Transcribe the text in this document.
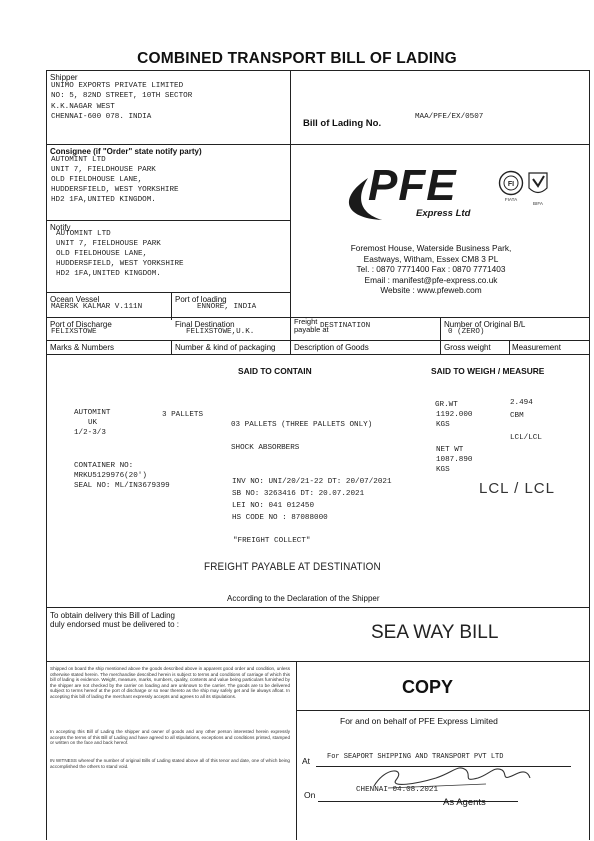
COMBINED TRANSPORT BILL OF LADING
Shipper
UNIMO EXPORTS PRIVATE LIMITED
NO: 5, 82ND STREET, 10TH SECTOR
K.K.NAGAR WEST
CHENNAI-600 078. INDIA
Bill of Lading No.
MAA/PFE/EX/0507
Consignee (if "Order" state notify party)
AUTOMINT LTD
UNIT 7, FIELDHOUSE PARK
OLD FIELDHOUSE LANE,
HUDDERSFIELD, WEST YORKSHIRE
HD2 1FA,UNITED KINGDOM.
Notify
AUTOMINT LTD
UNIT 7, FIELDHOUSE PARK
OLD FIELDHOUSE LANE,
HUDDERSFIELD, WEST YORKSHIRE
HD2 1FA,UNITED KINGDOM.
PFE
Express Ltd
FI
FIATA
BIFA
Foremost House, Waterside Business Park,
Eastways, Witham, Essex CM8 3 PL
Tel. : 0870 7771400 Fax : 0870 7771403
Email : manifest@pfe-express.co.uk
Website : www.pfeweb.com
Ocean Vessel
MAERSK KALMAR V.111N
Port of loading
ENNORE, INDIA
Port of Discharge
FELIXSTOWE
Final Destination
FELIXSTOWE,U.K.
Freight payable at
DESTINATION	Number of Original B/L
0 (ZERO)
Marks & Numbers	Number & kind of packaging Description of Goods	Gross weight	Measurement
SAID TO CONTAIN	SAID TO WEIGH / MEASURE
AUTOMINT
UK
1/2-3/3
3 PALLETS
03 PALLETS (THREE PALLETS ONLY)
SHOCK ABSORBERS
GR.WT
1192.000
KGS
NET WT
1087.890
KGS
2.494
CBM
LCL/LCL
LCL / LCL
CONTAINER NO:
MRKU5129976(20')
SEAL NO: ML/IN3679399	INV NO: UNI/20/21-22 DT: 20/07/2021
SB NO: 3263416 DT: 20.07.2021
LEI NO: 041 012450
HS CODE NO : 87088000
"FREIGHT COLLECT"
FREIGHT PAYABLE AT DESTINATION
According to the Declaration of the Shipper
To obtain delivery this Bill of Lading
duly endorsed must be delivered to :	SEA WAY BILL
Shipped on board the ship mentioned above the goods described above in apparent good order and condition, unless otherwise stated herein. The merchandise described herein is subject to terms and conditions of carriage of which this bill of lading is evidence. Weight, measure, marks, numbers, quality, contents and value being particulars furnished by the shipper are not checked by the carrier on loading and are unknown to the carrier. The goods are to be delivered subject to terms hereof at the port of discharge or so near thereto as the ship may safely get and lie always afloat. In accepting this bill of lading the merchant expressly accepts and agrees to all its stipulations.
In accepting this Bill of Lading the shipper and owner of goods and any other person interested herein expressly accepts the terms of this Bill of Lading and have agreed to all stipulations, exceptions and conditions printed, stamped or written on the face and back hereof.
IN WITNESS whereof the number of original Bills of Lading stated above all of this tenor and date, one of which being accomplished the others to stand void.
COPY
For and on behalf of PFE Express Limited
At For SEAPORT SHIPPING AND TRANSPORT PVT LTD
On	CHENNAI 04.08.2021
As Agents
